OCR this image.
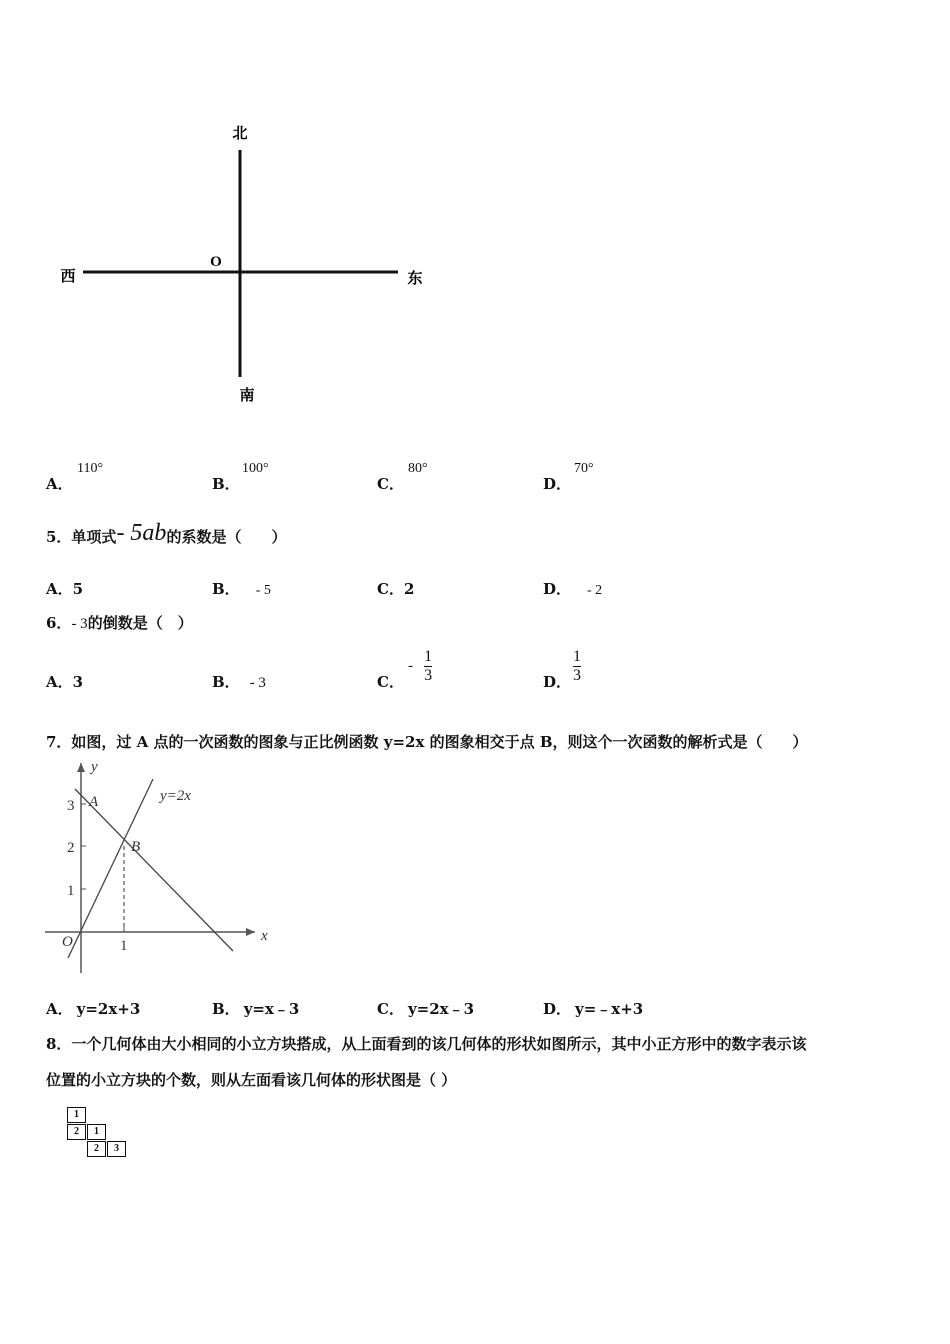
北
南
西	东
O
A．
110°
B．
100°
C．
80°
D．
70°
5．单项式- 5ab的系数是（　　）
A．5	B． - 5	C．2	D． - 2
6．- 3的倒数是（　）
A．3	B． - 3	C．
- $\frac{1}{3}$	D． $\frac{1}{3}$
7．如图，过 A 点的一次函数的图象与正比例函数 y=2x 的图象相交于点 B，则这个一次函数的解析式是（　　）
y
x
O
3
2
1
1
A
B
y=2x
A． y=2x+3	B． y=x﹣3	C． y=2x﹣3	D． y=﹣x+3
8．一个几何体由大小相同的小立方块搭成，从上面看到的该几何体的形状如图所示，其中小正方形中的数字表示该
位置的小立方块的个数，则从左面看该几何体的形状图是（ ）
1
2	1
2	3
